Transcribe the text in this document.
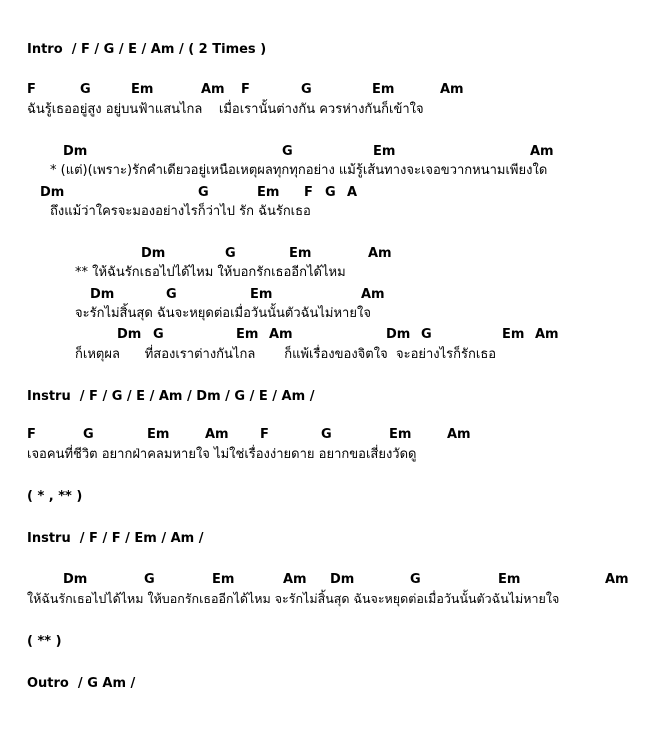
Intro  / F / G / E / Am / ( 2 Times )
F	G	Em	Am F	G	Em	Am
ฉันรู้เธออยู่สูง อยู่บนฟ้าแสนไกล    เมื่อเรานั้นต่างกัน ควรห่างกันก็เข้าใจ
Dm	G	Em	Am
* (แต่)(เพราะ)รักคำเดียวอยู่เหนือเหตุผลทุกทุกอย่าง แม้รู้เส้นทางจะเจอขวากหนามเพียงใด
Dm	G	Em F G A
ถึงแม้ว่าใครจะมองอย่างไรก็ว่าไป รัก ฉันรักเธอ
Dm	G	Em	Am
** ให้ฉันรักเธอไปได้ไหม ให้บอกรักเธออีกได้ไหม
Dm	G	Em	Am
จะรักไม่สิ้นสุด ฉันจะหยุดต่อเมื่อวันนั้นตัวฉันไม่หายใจ
Dm G	Em Am	Dm G	Em Am
ก็เหตุผล      ที่สองเราต่างกันไกล       ก็แพ้เรื่องของจิตใจ  จะอย่างไรก็รักเธอ
Instru  / F / G / E / Am / Dm / G / E / Am /
F	G	Em	Am F	G	Em	Am
เจอคนที่ชีวิต อยากฝ่าคลมหายใจ ไม่ใช่เรื่องง่ายดาย อยากขอเสี่ยงวัดดู
( * , ** )
Instru  / F / F / Em / Am /
Dm	G	Em	Am Dm	G	Em	Am
ให้ฉันรักเธอไปได้ไหม ให้บอกรักเธออีกได้ไหม จะรักไม่สิ้นสุด ฉันจะหยุดต่อเมื่อวันนั้นตัวฉันไม่หายใจ
( ** )
Outro  / G Am /
